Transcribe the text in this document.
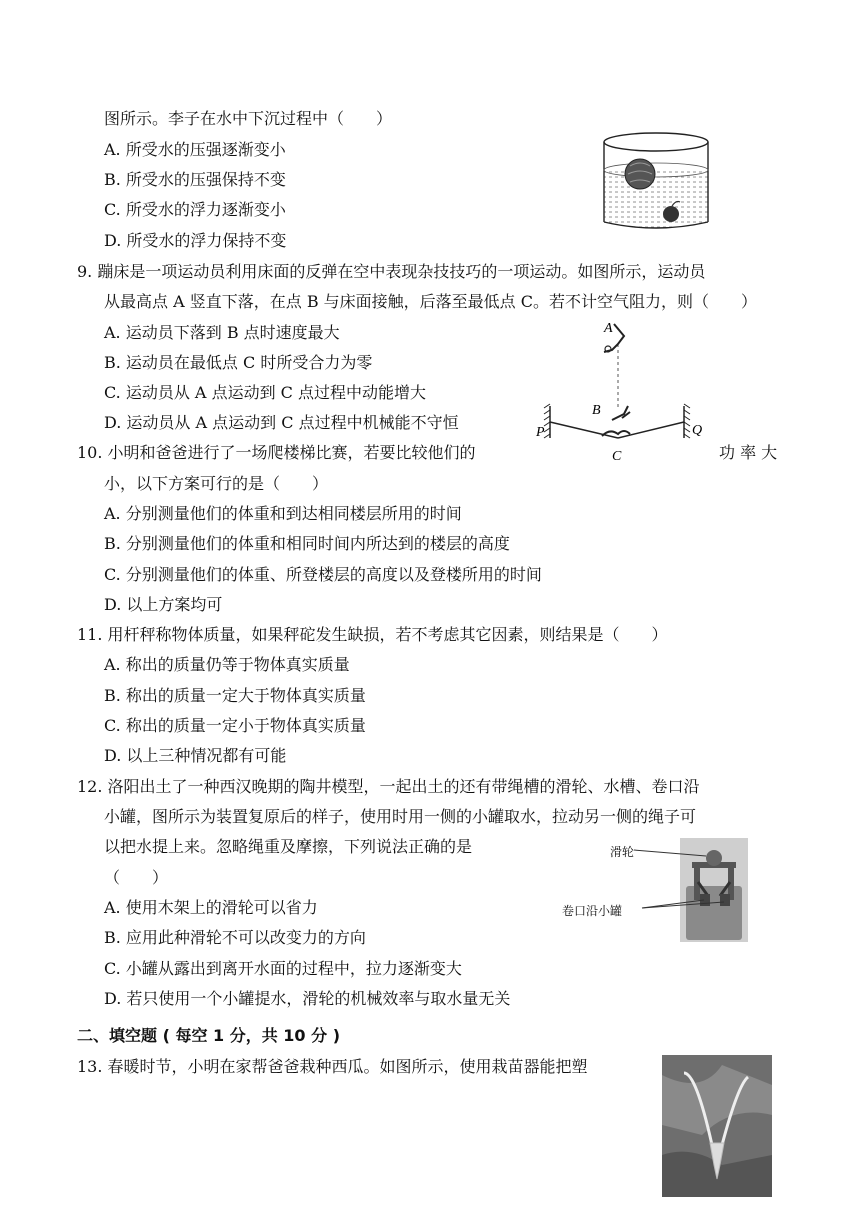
图所示。李子在水中下沉过程中（　　）
A. 所受水的压强逐渐变小
B. 所受水的压强保持不变
C. 所受水的浮力逐渐变小
D. 所受水的浮力保持不变
9. 蹦床是一项运动员利用床面的反弹在空中表现杂技技巧的一项运动。如图所示，运动员
从最高点 A 竖直下落，在点 B 与床面接触，后落至最低点 C。若不计空气阻力，则（　　）
A. 运动员下落到 B 点时速度最大
B. 运动员在最低点 C 时所受合力为零
C. 运动员从 A 点运动到 C 点过程中动能增大
D. 运动员从 A 点运动到 C 点过程中机械能不守恒
A
B
P	Q
C
10. 小明和爸爸进行了一场爬楼梯比赛，若要比较他们的	功 率 大
小，以下方案可行的是（　　）
A. 分别测量他们的体重和到达相同楼层所用的时间
B. 分别测量他们的体重和相同时间内所达到的楼层的高度
C. 分别测量他们的体重、所登楼层的高度以及登楼所用的时间
D. 以上方案均可
11. 用杆秤称物体质量，如果秤砣发生缺损，若不考虑其它因素，则结果是（　　）
A. 称出的质量仍等于物体真实质量
B. 称出的质量一定大于物体真实质量
C. 称出的质量一定小于物体真实质量
D. 以上三种情况都有可能
12. 洛阳出土了一种西汉晚期的陶井模型，一起出土的还有带绳槽的滑轮、水槽、卷口沿
小罐，图所示为装置复原后的样子，使用时用一侧的小罐取水，拉动另一侧的绳子可
以把水提上来。忽略绳重及摩擦，下列说法正确的是
（　　）
A. 使用木架上的滑轮可以省力
B. 应用此种滑轮不可以改变力的方向
C. 小罐从露出到离开水面的过程中，拉力逐渐变大
D. 若只使用一个小罐提水，滑轮的机械效率与取水量无关
滑轮
卷口沿小罐
二、填空题 ( 每空 1 分，共 10 分 )
13. 春暖时节，小明在家帮爸爸栽种西瓜。如图所示，使用栽苗器能把塑
